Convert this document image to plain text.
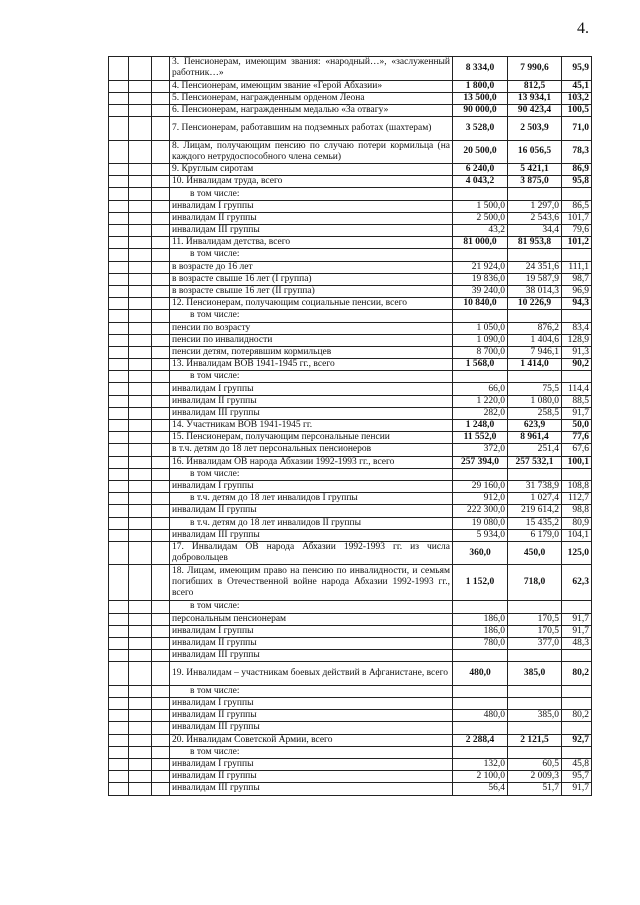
4.
			3. Пенсионерам, имеющим звания: «народный…», «заслуженный работник…»	8 334,0	7 990,6	95,9
			4. Пенсионерам, имеющим звание «Герой Абхазии»	1 800,0	812,5	45,1
			5. Пенсионерам, награжденным орденом Леона	13 500,0	13 934,1	103,2
			6. Пенсионерам, награжденным медалью «За отвагу»	90 000,0	90 423,4	100,5
			7. Пенсионерам, работавшим на подземных работах (шахтерам)	3 528,0	2 503,9	71,0
			8. Лицам, получающим пенсию по случаю потери кормильца (на каждого нетрудоспособного члена семьи)	20 500,0	16 056,5	78,3
			9. Круглым сиротам	6 240,0	5 421,1	86,9
			10. Инвалидам труда, всего	4 043,2	3 875,0	95,8
			в том числе:			
			инвалидам I группы	1 500,0	1 297,0	86,5
			инвалидам II группы	2 500,0	2 543,6	101,7
			инвалидам III группы	43,2	34,4	79,6
			11. Инвалидам детства, всего	81 000,0	81 953,8	101,2
			в том числе:			
			в возрасте до 16 лет	21 924,0	24 351,6	111,1
			в возрасте свыше 16 лет (I группа)	19 836,0	19 587,9	98,7
			в возрасте свыше 16 лет (II группа)	39 240,0	38 014,3	96,9
			12. Пенсионерам, получающим социальные пенсии, всего	10 840,0	10 226,9	94,3
			в том числе:			
			пенсии по возрасту	1 050,0	876,2	83,4
			пенсии по инвалидности	1 090,0	1 404,6	128,9
			пенсии детям, потерявшим кормильцев	8 700,0	7 946,1	91,3
			13. Инвалидам ВОВ 1941-1945 гг., всего	1 568,0	1 414,0	90,2
			в том числе:			
			инвалидам I группы	66,0	75,5	114,4
			инвалидам II группы	1 220,0	1 080,0	88,5
			инвалидам III группы	282,0	258,5	91,7
			14. Участникам ВОВ 1941-1945 гг.	1 248,0	623,9	50,0
			15. Пенсионерам, получающим персональные пенсии	11 552,0	8 961,4	77,6
			в т.ч. детям до 18 лет персональных пенсионеров	372,0	251,4	67,6
			16. Инвалидам ОВ народа Абхазии 1992-1993 гг., всего	257 394,0	257 532,1	100,1
			в том числе:			
			инвалидам I группы	29 160,0	31 738,9	108,8
			в т.ч. детям до 18 лет инвалидов I группы	912,0	1 027,4	112,7
			инвалидам II группы	222 300,0	219 614,2	98,8
			в т.ч. детям до 18 лет инвалидов II группы	19 080,0	15 435,2	80,9
			инвалидам III группы	5 934,0	6 179,0	104,1
			17. Инвалидам ОВ народа Абхазии 1992-1993 гг. из числа добровольцев	360,0	450,0	125,0
			18. Лицам, имеющим право на пенсию по инвалидности, и семьям погибших в Отечественной войне народа Абхазии 1992-1993 гг., всего	1 152,0	718,0	62,3
			в том числе:			
			персональным пенсионерам	186,0	170,5	91,7
			инвалидам I группы	186,0	170,5	91,7
			инвалидам II группы	780,0	377,0	48,3
			инвалидам III группы			
			19. Инвалидам – участникам боевых действий в Афганистане, всего	480,0	385,0	80,2
			в том числе:			
			инвалидам I группы			
			инвалидам II группы	480,0	385,0	80,2
			инвалидам III группы			
			20. Инвалидам Советской Армии, всего	2 288,4	2 121,5	92,7
			в том числе:			
			инвалидам I группы	132,0	60,5	45,8
			инвалидам II группы	2 100,0	2 009,3	95,7
			инвалидам III группы	56,4	51,7	91,7
